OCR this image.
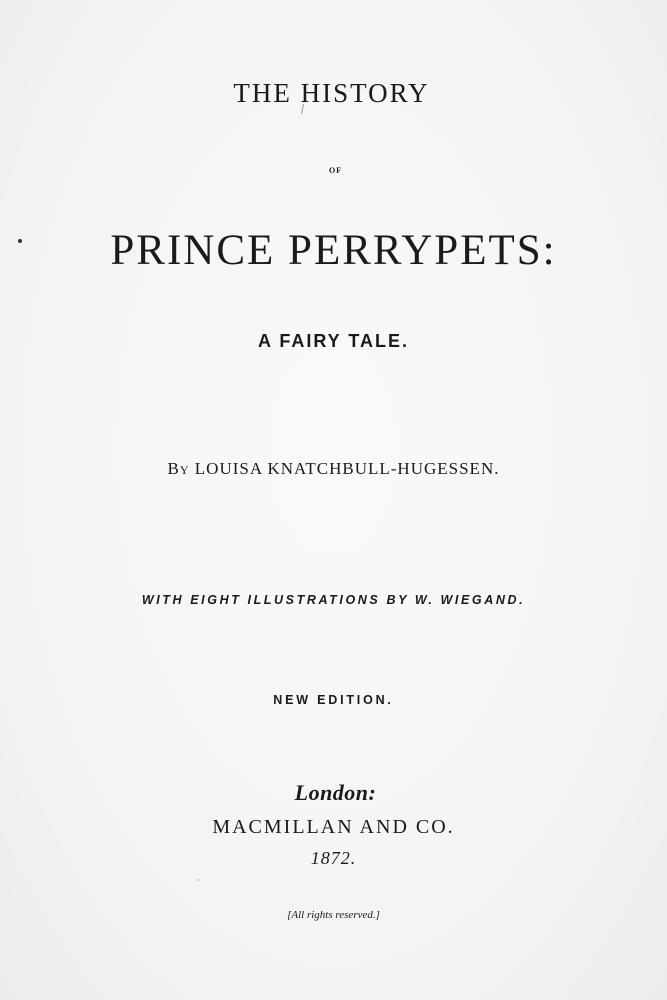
THE HISTORY
OF
PRINCE PERRYPETS:
A FAIRY TALE.
BY LOUISA KNATCHBULL-HUGESSEN.
WITH EIGHT ILLUSTRATIONS BY W. WIEGAND.
NEW EDITION.
London:
MACMILLAN AND CO.
1872.
[All rights reserved.]
